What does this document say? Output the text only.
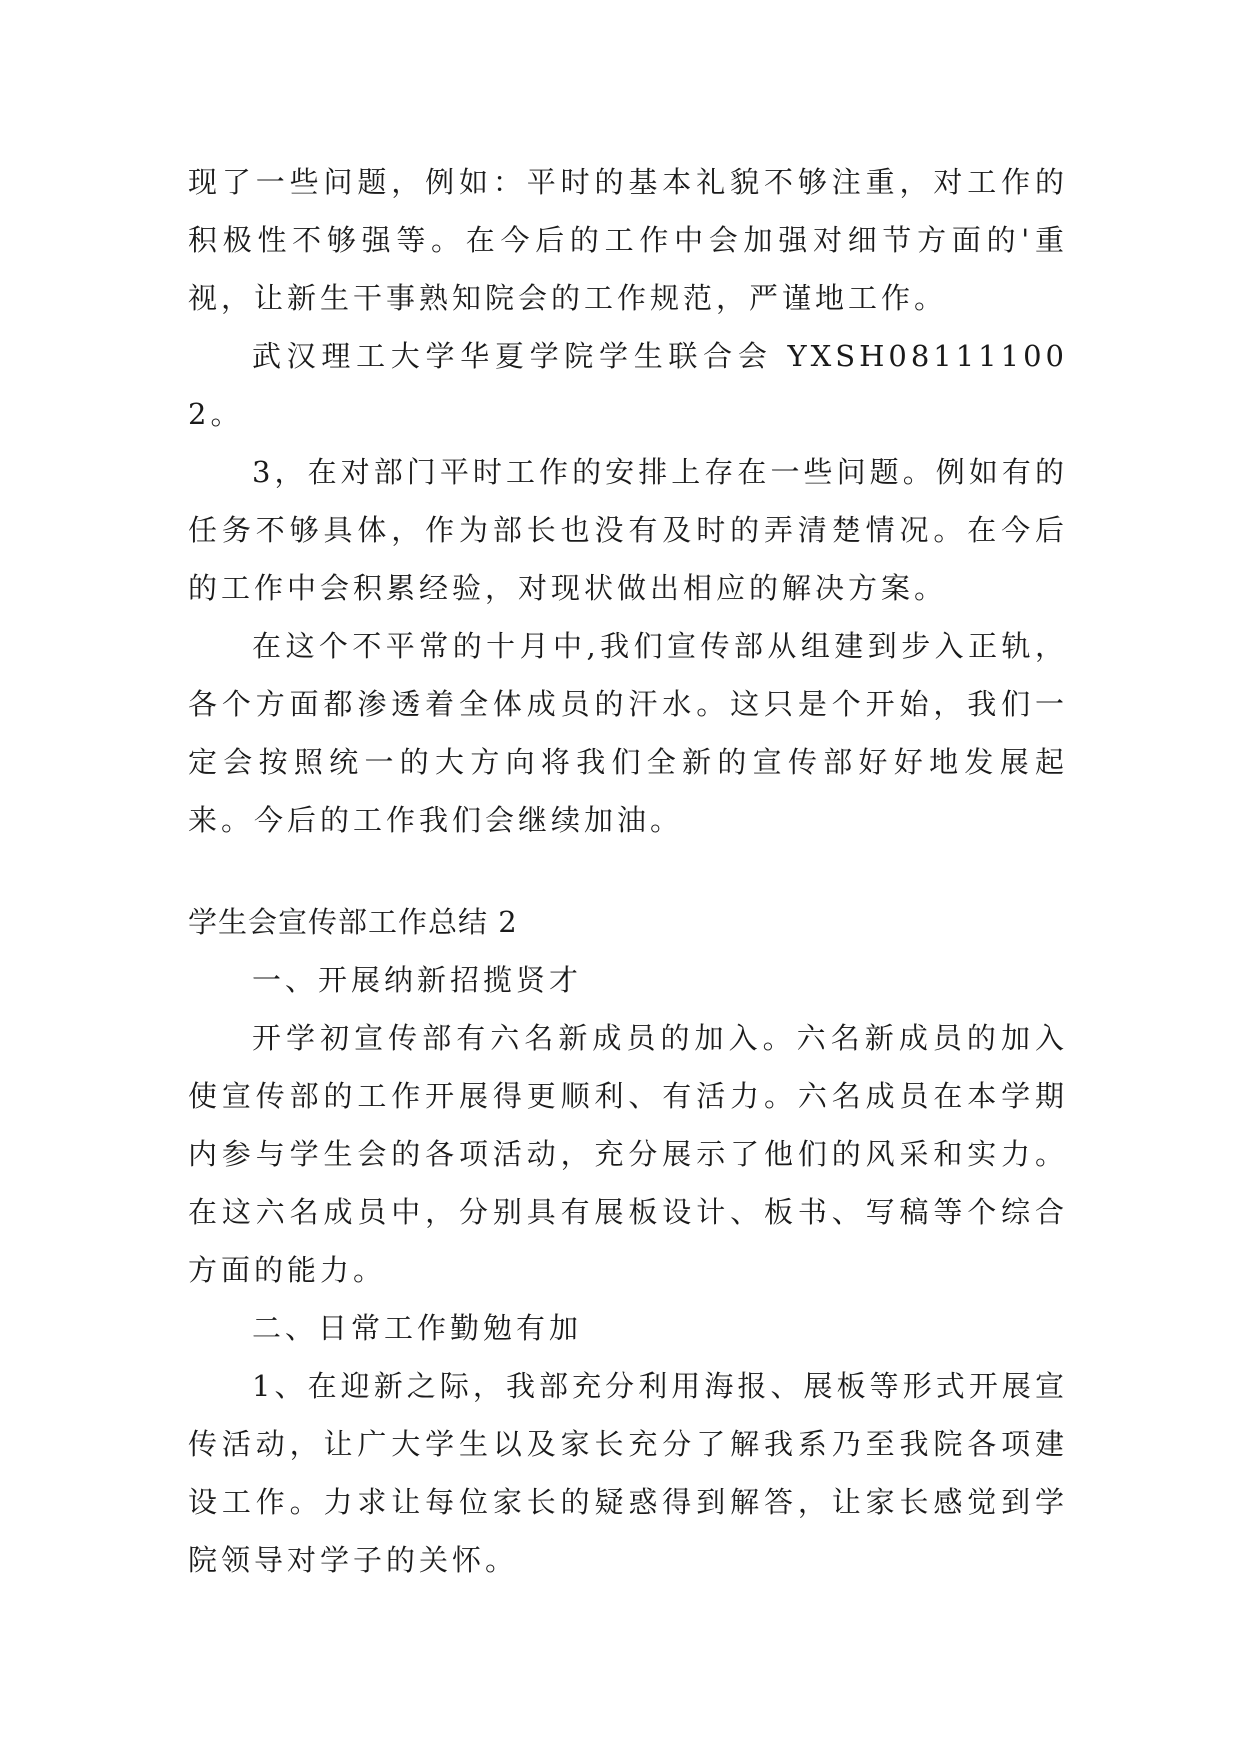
现了一些问题，例如：平时的基本礼貌不够注重，对工作的积极性不够强等。在今后的工作中会加强对细节方面的'重视，让新生干事熟知院会的工作规范，严谨地工作。

武汉理工大学华夏学院学生联合会 YXSH081111002。

3，在对部门平时工作的安排上存在一些问题。例如有的任务不够具体，作为部长也没有及时的弄清楚情况。在今后的工作中会积累经验，对现状做出相应的解决方案。

在这个不平常的十月中,我们宣传部从组建到步入正轨，各个方面都渗透着全体成员的汗水。这只是个开始，我们一定会按照统一的大方向将我们全新的宣传部好好地发展起来。今后的工作我们会继续加油。

学生会宣传部工作总结 2

一、开展纳新招揽贤才

开学初宣传部有六名新成员的加入。六名新成员的加入使宣传部的工作开展得更顺利、有活力。六名成员在本学期内参与学生会的各项活动，充分展示了他们的风采和实力。在这六名成员中，分别具有展板设计、板书、写稿等个综合方面的能力。

二、日常工作勤勉有加

1、在迎新之际，我部充分利用海报、展板等形式开展宣传活动，让广大学生以及家长充分了解我系乃至我院各项建设工作。力求让每位家长的疑惑得到解答，让家长感觉到学院领导对学子的关怀。
